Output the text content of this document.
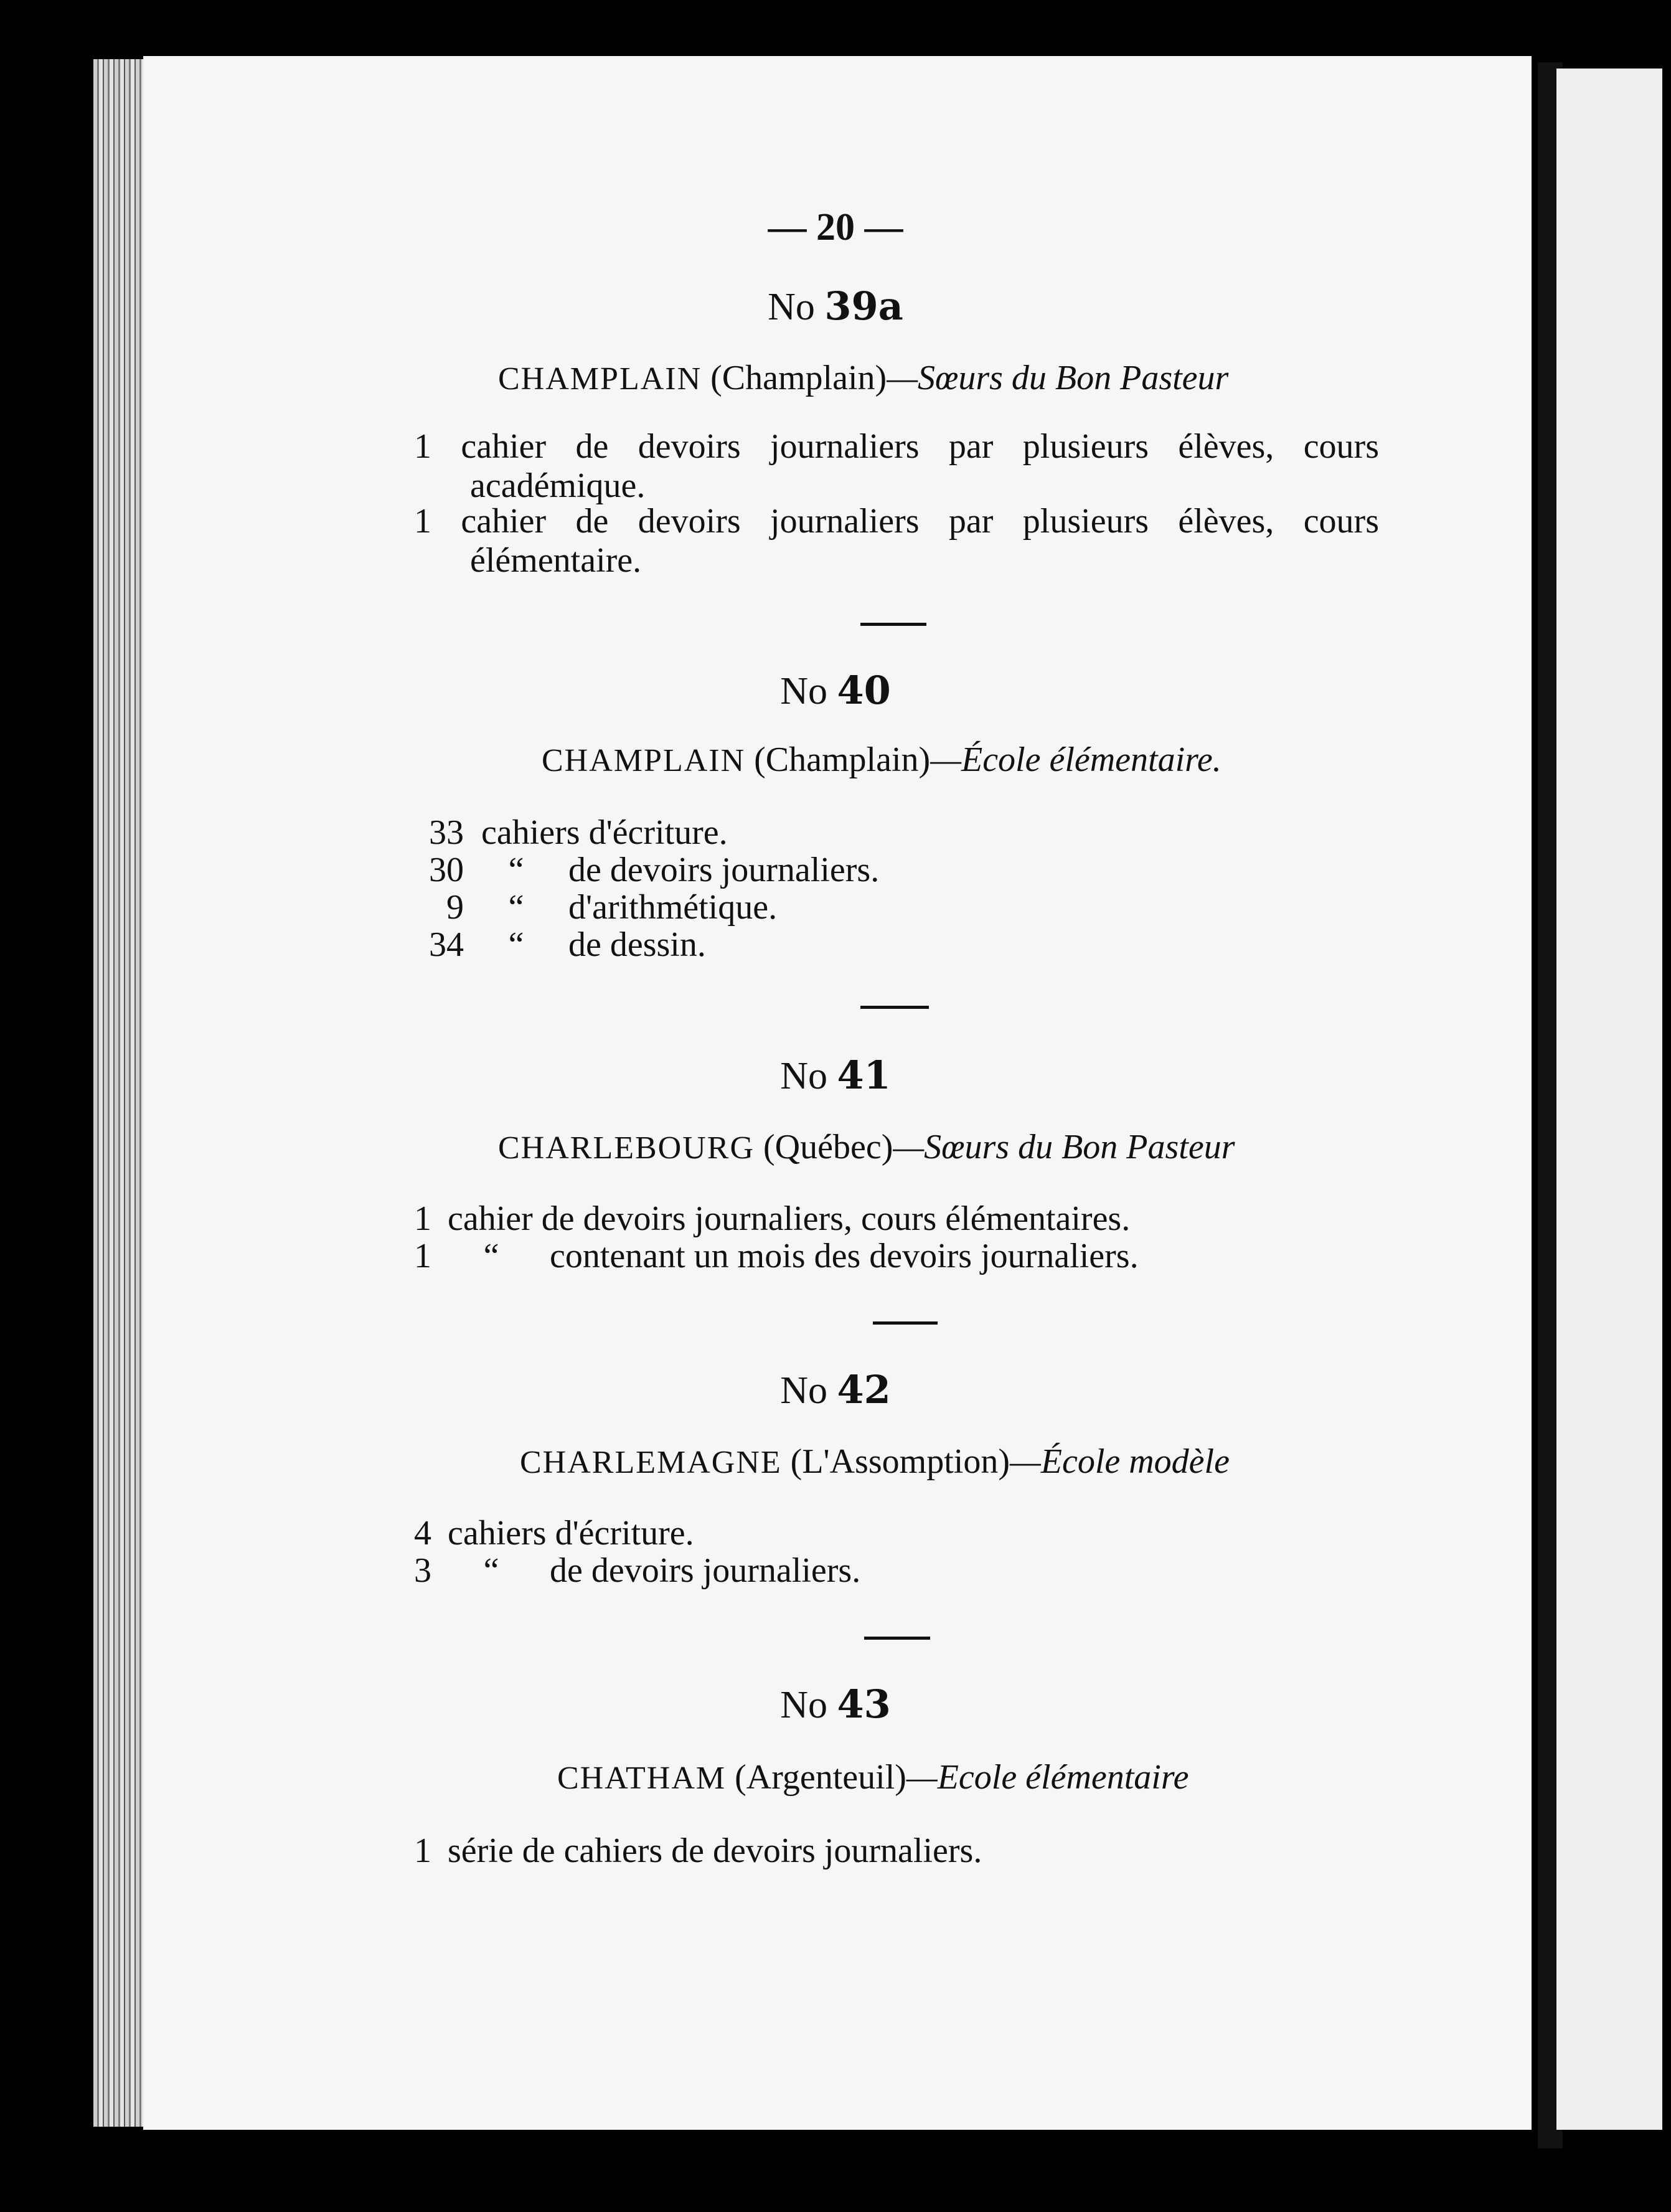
— 20 —
No 39a
CHAMPLAIN (Champlain)—Sœurs du Bon Pasteur
1 cahier de devoirs journaliers par plusieurs élèves, cours
académique.
1 cahier de devoirs journaliers par plusieurs élèves, cours
élémentaire.
No 40
CHAMPLAIN (Champlain)—École élémentaire.
33 cahiers d'écriture.
30 “ de devoirs journaliers.
9 “ d'arithmétique.
34 “ de dessin.
No 41
CHARLEBOURG (Québec)—Sœurs du Bon Pasteur
1 cahier de devoirs journaliers, cours élémentaires.
1 “ contenant un mois des devoirs journaliers.
No 42
CHARLEMAGNE (L'Assomption)—École modèle
4 cahiers d'écriture.
3 “ de devoirs journaliers.
No 43
CHATHAM (Argenteuil)—Ecole élémentaire
1 série de cahiers de devoirs journaliers.
